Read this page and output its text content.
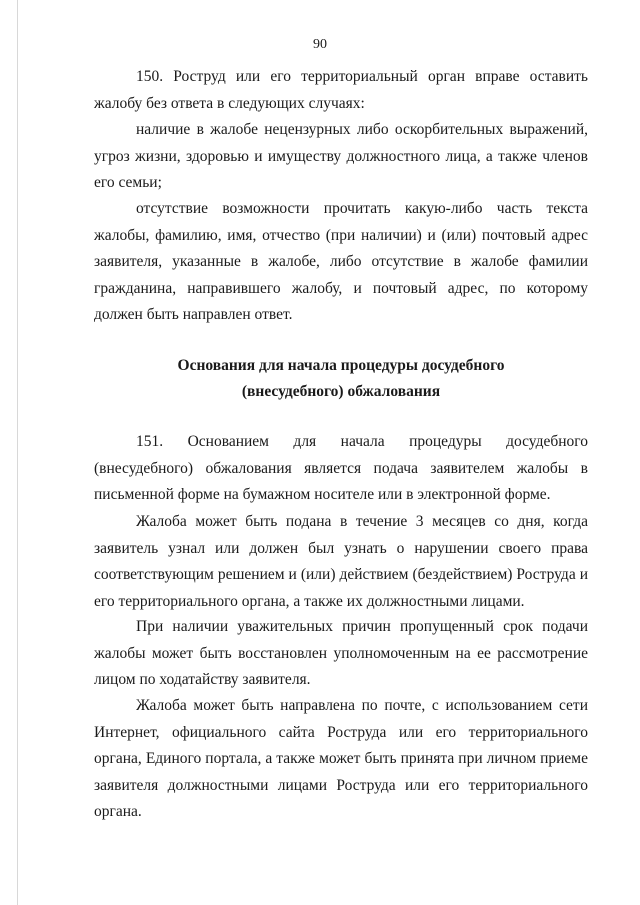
90

150. Роструд или его территориальный орган вправе оставить жалобу без ответа в следующих случаях:

наличие в жалобе нецензурных либо оскорбительных выражений, угроз жизни, здоровью и имуществу должностного лица, а также членов его семьи;

отсутствие возможности прочитать какую-либо часть текста жалобы, фамилию, имя, отчество (при наличии) и (или) почтовый адрес заявителя, указанные в жалобе, либо отсутствие в жалобе фамилии гражданина, направившего жалобу, и почтовый адрес, по которому должен быть направлен ответ.

Основания для начала процедуры досудебного
(внесудебного) обжалования

151. Основанием для начала процедуры досудебного (внесудебного) обжалования является подача заявителем жалобы в письменной форме на бумажном носителе или в электронной форме.

Жалоба может быть подана в течение 3 месяцев со дня, когда заявитель узнал или должен был узнать о нарушении своего права соответствующим решением и (или) действием (бездействием) Роструда и его территориального органа, а также их должностными лицами.

При наличии уважительных причин пропущенный срок подачи жалобы может быть восстановлен уполномоченным на ее рассмотрение лицом по ходатайству заявителя.

Жалоба может быть направлена по почте, с использованием сети Интернет, официального сайта Роструда или его территориального органа, Единого портала, а также может быть принята при личном приеме заявителя должностными лицами Роструда или его территориального органа.
